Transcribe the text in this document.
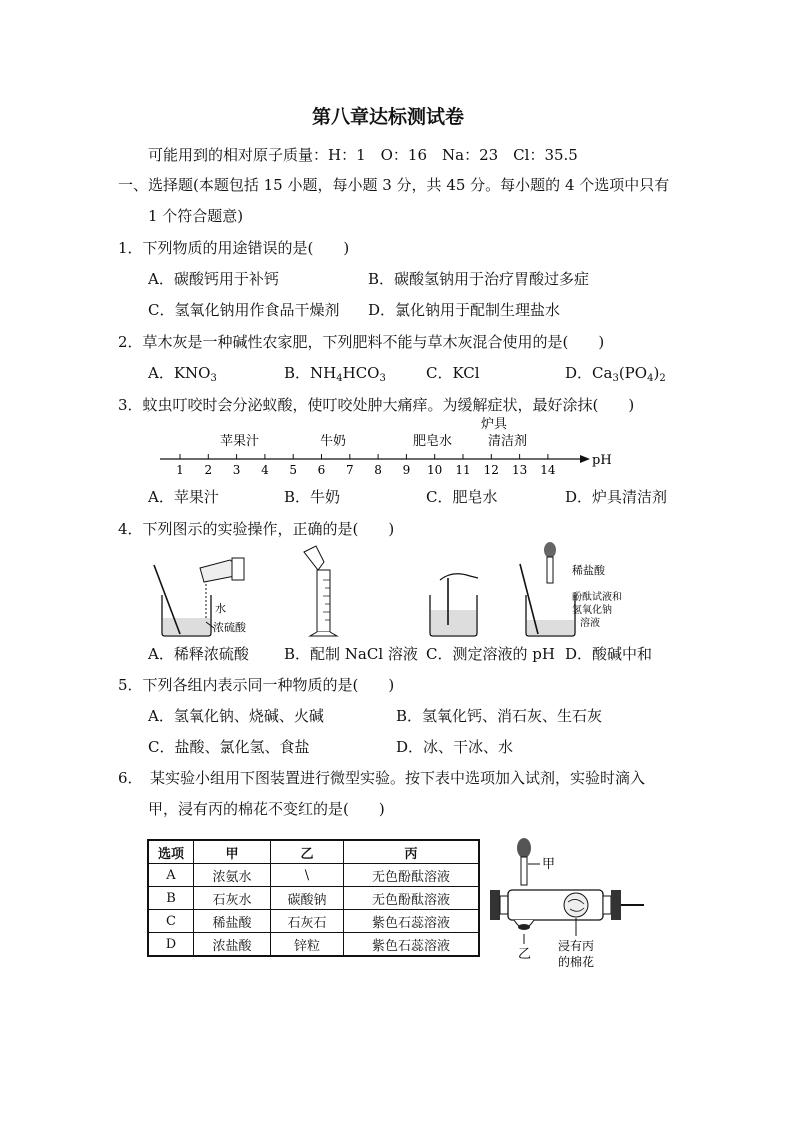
第八章达标测试卷
可能用到的相对原子质量：H：1　O：16　Na：23　Cl：35.5
一、选择题(本题包括 15 小题，每小题 3 分，共 45 分。每小题的 4 个选项中只有
1 个符合题意)
1．下列物质的用途错误的是(　　)
A．碳酸钙用于补钙	B．碳酸氢钠用于治疗胃酸过多症
C．氢氧化钠用作食品干燥剂 D．氯化钠用于配制生理盐水
2．草木灰是一种碱性农家肥，下列肥料不能与草木灰混合使用的是(　　)
A．$KNO_3$	B．$NH_4HCO_3$	C．KCl	D．$Ca_3(PO_4)_2$
3．蚊虫叮咬时会分泌蚁酸，使叮咬处肿大痛痒。为缓解症状，最好涂抹(　　)
苹果汁	牛奶	肥皂水
炉具
清洁剂
pH
1 2 3 4 5 6 7 8 9 10 11 12 13 14
A．苹果汁	B．牛奶	C．肥皂水	D．炉具清洁剂
4．下列图示的实验操作，正确的是(　　)
水
浓硫酸
稀盐酸
酚酞试液和
氢氧化钠
溶液
A．稀释浓硫酸 B．配制 NaCl 溶液 C．测定溶液的 pH D．酸碱中和
5．下列各组内表示同一种物质的是(　　)
A．氢氧化钠、烧碱、火碱	B．氢氧化钙、消石灰、生石灰
C．盐酸、氯化氢、食盐	D．冰、干冰、水
6．　某实验小组用下图装置进行微型实验。按下表中选项加入试剂，实验时滴入
甲，浸有丙的棉花不变红的是(　　)
选项	甲	乙	丙
A	浓氨水	\	无色酚酞溶液
B	石灰水	碳酸钠	无色酚酞溶液
C	稀盐酸	石灰石	紫色石蕊溶液
D	浓盐酸	锌粒	紫色石蕊溶液
甲
乙
浸有丙
的棉花
